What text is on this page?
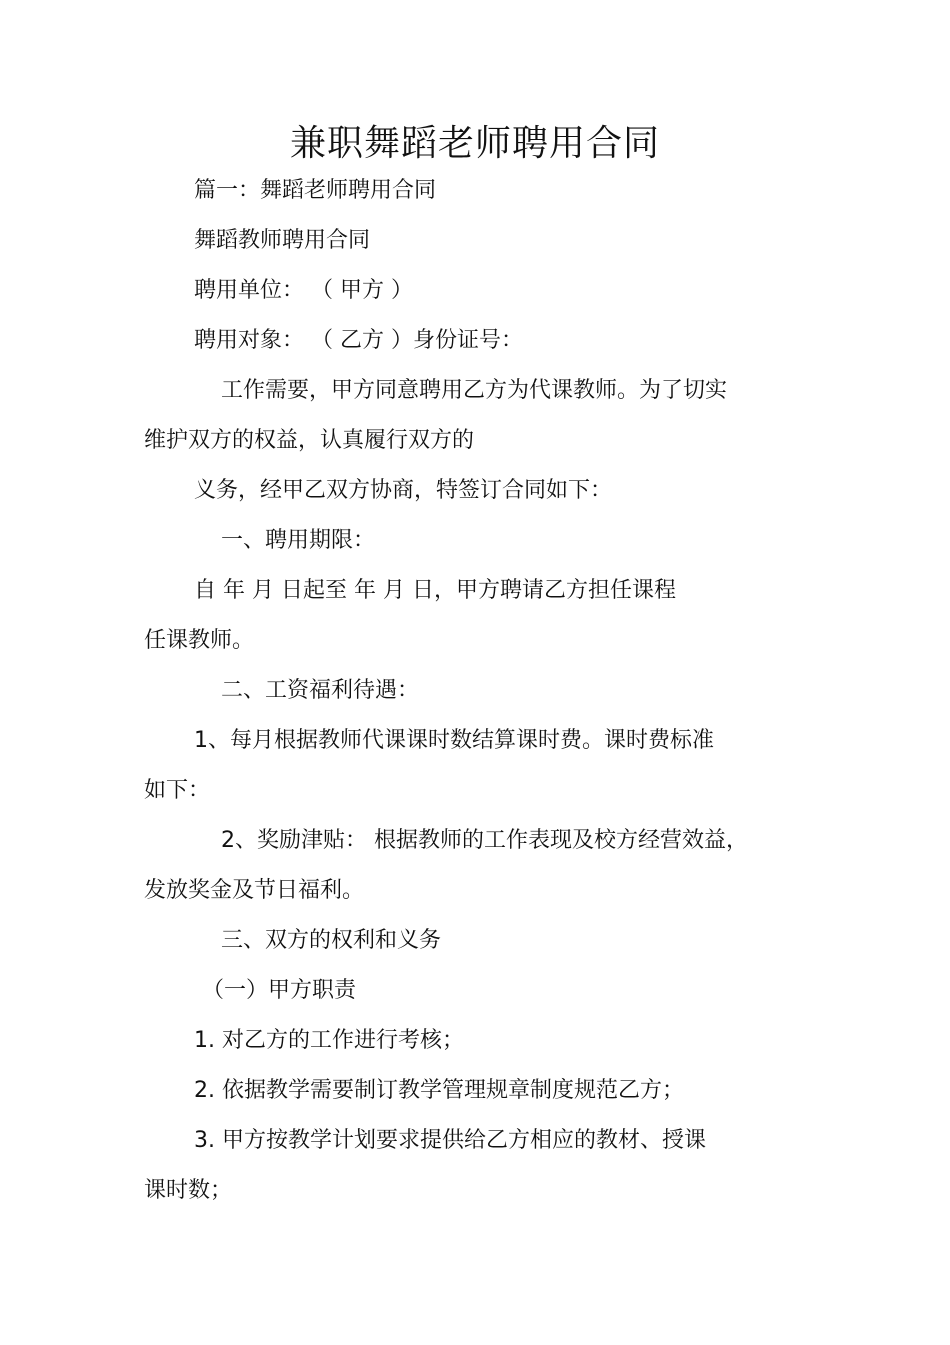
兼职舞蹈老师聘用合同

篇一：舞蹈老师聘用合同

舞蹈教师聘用合同

聘用单位： （ 甲方 ）

聘用对象： （ 乙方 ）身份证号：

工作需要，甲方同意聘用乙方为代课教师。为了切实

维护双方的权益，认真履行双方的

义务，经甲乙双方协商，特签订合同如下：

一、聘用期限：

自 年 月 日起至 年 月 日，甲方聘请乙方担任课程

任课教师。

二、工资福利待遇：

1、每月根据教师代课课时数结算课时费。课时费标准

如下：

2、奖励津贴： 根据教师的工作表现及校方经营效益，

发放奖金及节日福利。

三、双方的权利和义务

（一）甲方职责

1. 对乙方的工作进行考核；

2. 依据教学需要制订教学管理规章制度规范乙方；

3. 甲方按教学计划要求提供给乙方相应的教材、授课

课时数；
